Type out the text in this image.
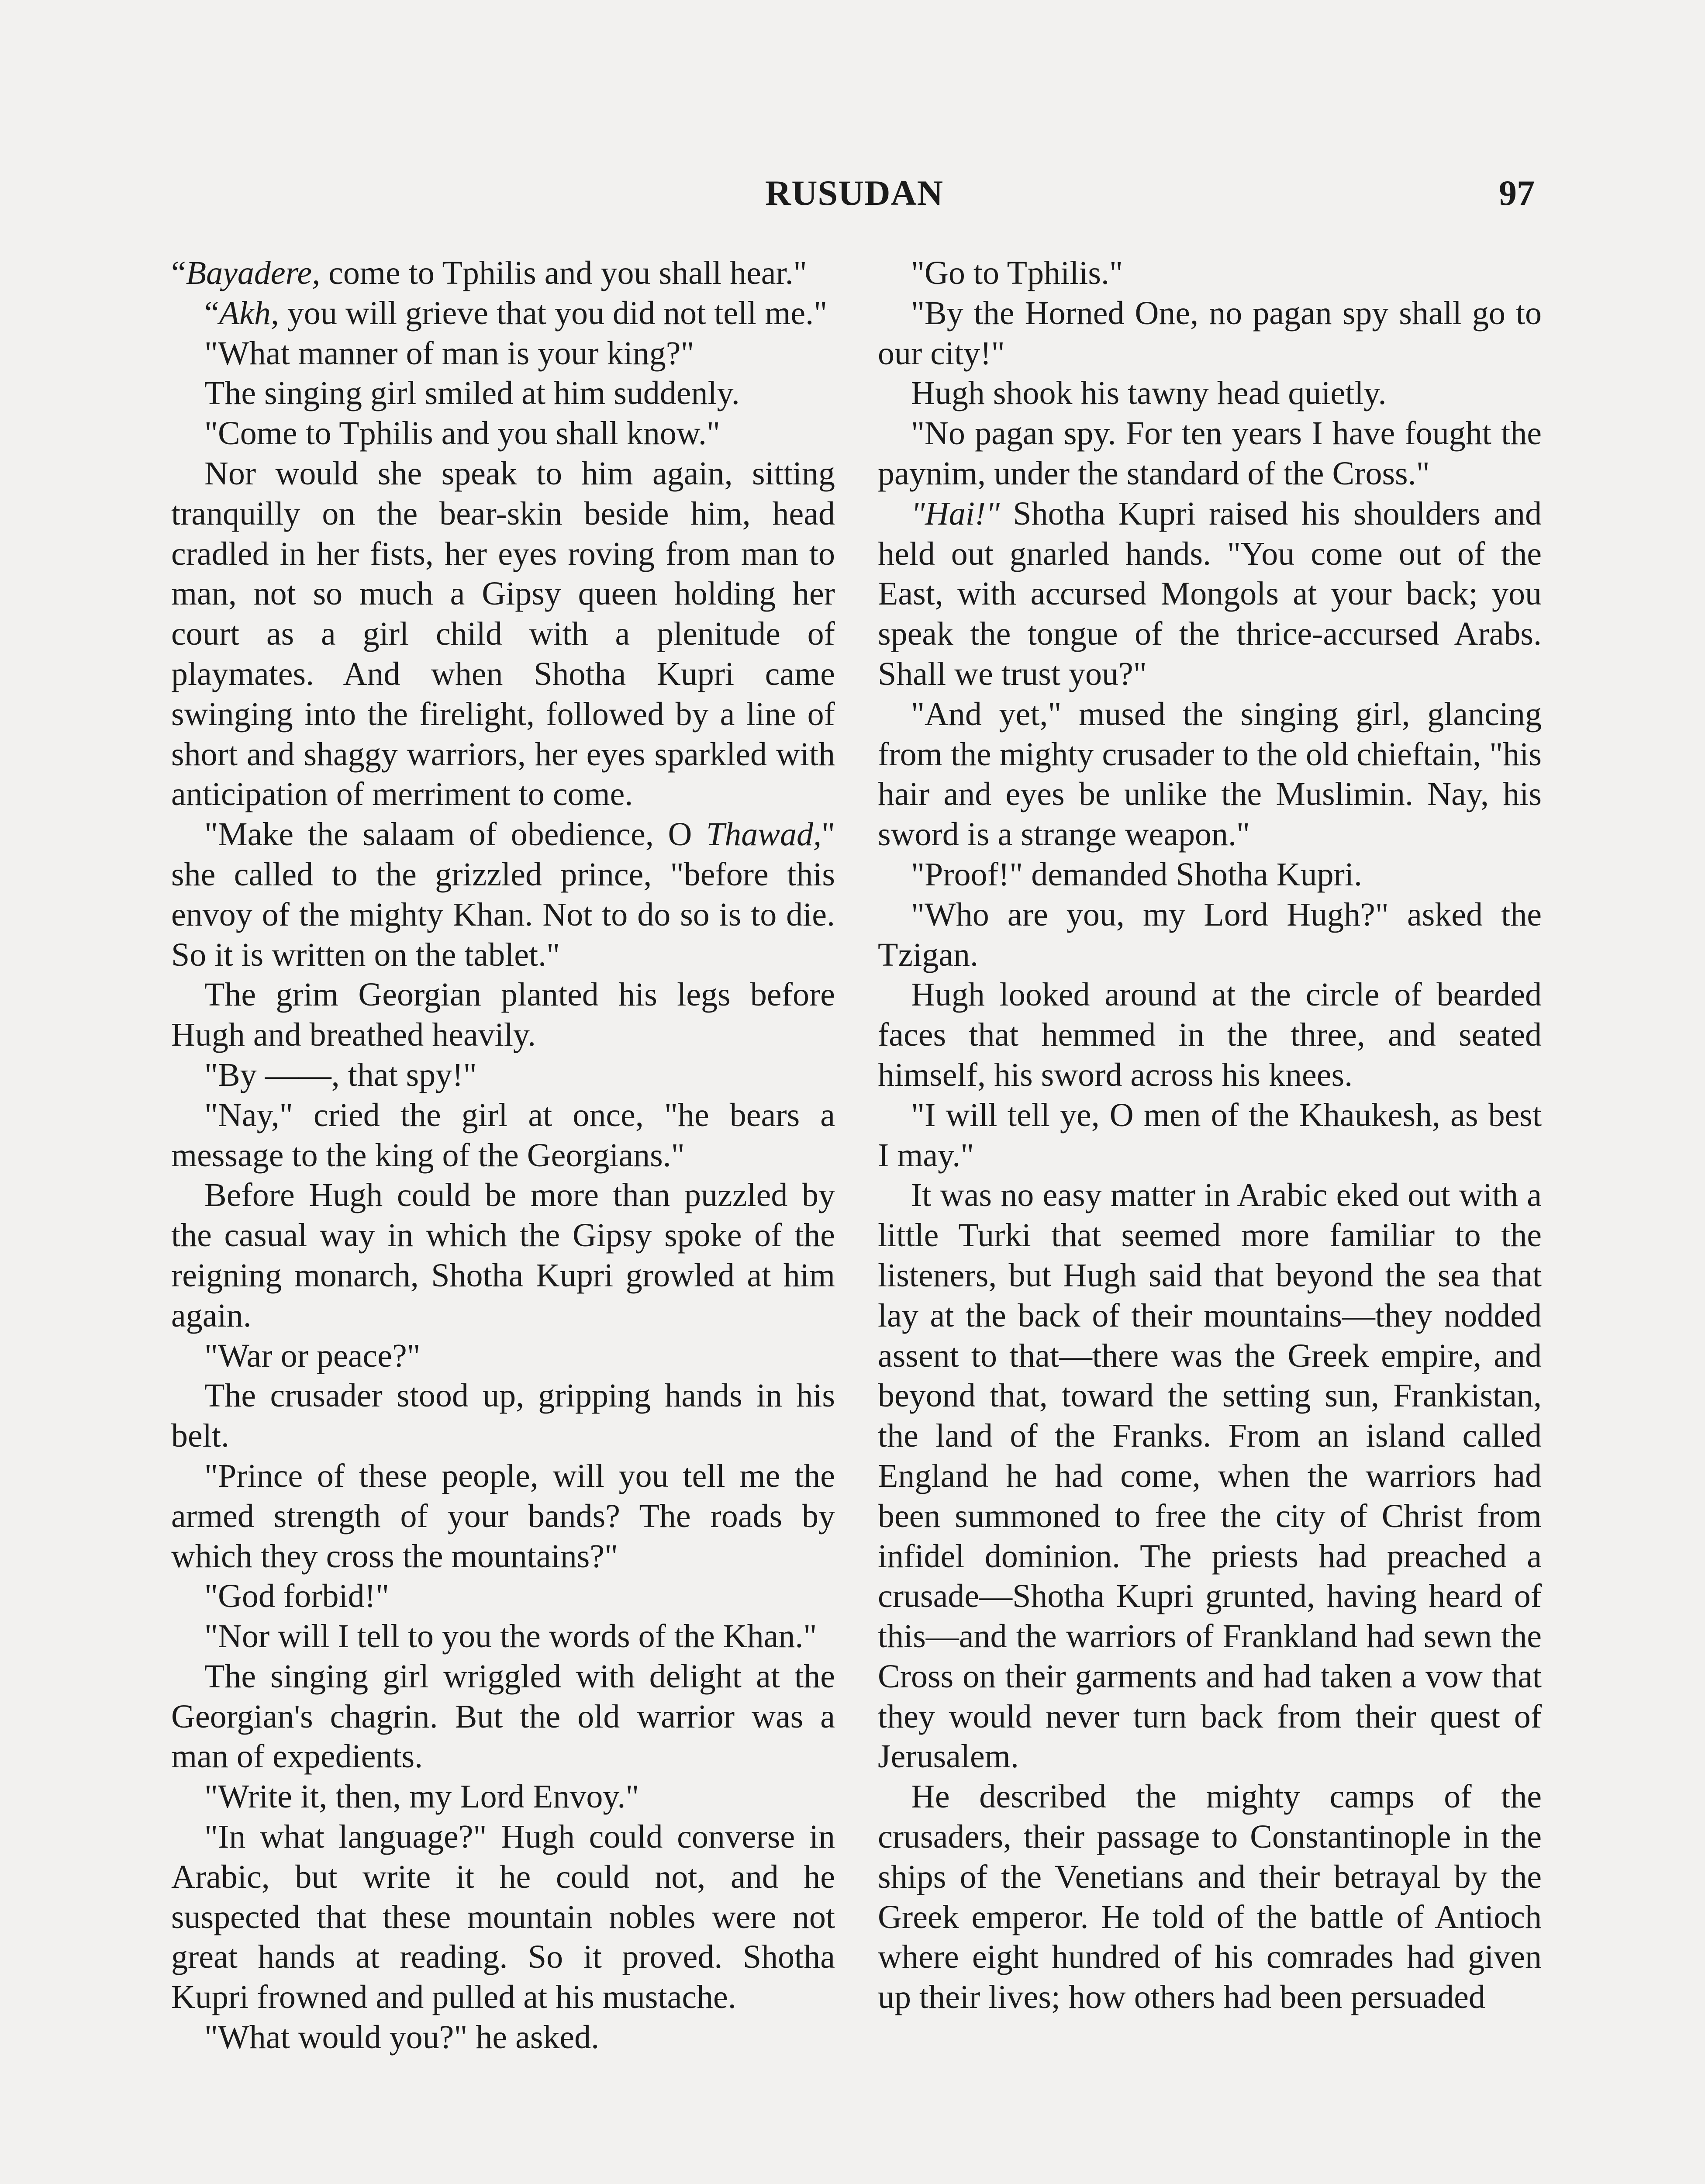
RUSUDAN	97

“Bayadere, come to Tphilis and you shall hear."

“Akh, you will grieve that you did not tell me."

"What manner of man is your king?"

The singing girl smiled at him suddenly.

"Come to Tphilis and you shall know."

Nor would she speak to him again, sitting tranquilly on the bear-skin beside him, head cradled in her fists, her eyes roving from man to man, not so much a Gipsy queen holding her court as a girl child with a plenitude of playmates. And when Shotha Kupri came swinging into the firelight, followed by a line of short and shaggy warriors, her eyes sparkled with anticipation of merriment to come.

"Make the salaam of obedience, O Thawad," she called to the grizzled prince, "before this envoy of the mighty Khan. Not to do so is to die. So it is written on the tablet."

The grim Georgian planted his legs before Hugh and breathed heavily.

"By ——, that spy!"

"Nay," cried the girl at once, "he bears a message to the king of the Georgians."

Before Hugh could be more than puzzled by the casual way in which the Gipsy spoke of the reigning monarch, Shotha Kupri growled at him again.

"War or peace?"

The crusader stood up, gripping hands in his belt.

"Prince of these people, will you tell me the armed strength of your bands? The roads by which they cross the mountains?"

"God forbid!"

"Nor will I tell to you the words of the Khan."

The singing girl wriggled with delight at the Georgian's chagrin. But the old warrior was a man of expedients.

"Write it, then, my Lord Envoy."

"In what language?" Hugh could converse in Arabic, but write it he could not, and he suspected that these mountain nobles were not great hands at reading. So it proved. Shotha Kupri frowned and pulled at his mustache.

"What would you?" he asked.

"Go to Tphilis."

"By the Horned One, no pagan spy shall go to our city!"

Hugh shook his tawny head quietly.

"No pagan spy. For ten years I have fought the paynim, under the standard of the Cross."

"Hai!" Shotha Kupri raised his shoulders and held out gnarled hands. "You come out of the East, with accursed Mongols at your back; you speak the tongue of the thrice-accursed Arabs. Shall we trust you?"

"And yet," mused the singing girl, glancing from the mighty crusader to the old chieftain, "his hair and eyes be unlike the Muslimin. Nay, his sword is a strange weapon."

"Proof!" demanded Shotha Kupri.

"Who are you, my Lord Hugh?" asked the Tzigan.

Hugh looked around at the circle of bearded faces that hemmed in the three, and seated himself, his sword across his knees.

"I will tell ye, O men of the Khaukesh, as best I may."

It was no easy matter in Arabic eked out with a little Turki that seemed more familiar to the listeners, but Hugh said that beyond the sea that lay at the back of their mountains—they nodded assent to that—there was the Greek empire, and beyond that, toward the setting sun, Frankistan, the land of the Franks. From an island called England he had come, when the warriors had been summoned to free the city of Christ from infidel dominion. The priests had preached a crusade—Shotha Kupri grunted, having heard of this—and the warriors of Frankland had sewn the Cross on their garments and had taken a vow that they would never turn back from their quest of Jerusalem.

He described the mighty camps of the crusaders, their passage to Constantinople in the ships of the Venetians and their betrayal by the Greek emperor. He told of the battle of Antioch where eight hundred of his comrades had given up their lives; how others had been persuaded
